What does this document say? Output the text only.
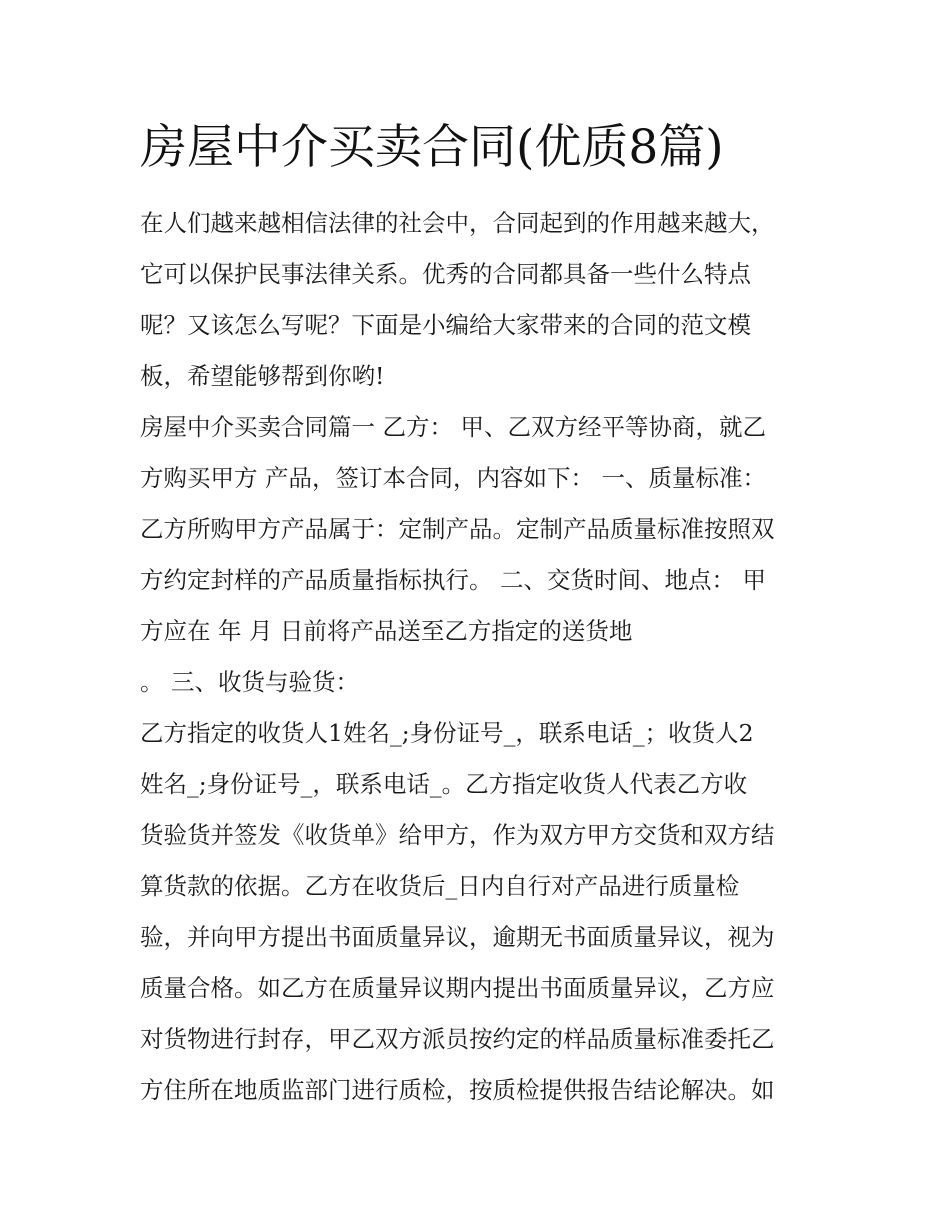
房屋中介买卖合同(优质8篇)

在人们越来越相信法律的社会中，合同起到的作用越来越大，

它可以保护民事法律关系。优秀的合同都具备一些什么特点

呢？又该怎么写呢？下面是小编给大家带来的合同的范文模

板，希望能够帮到你哟!

房屋中介买卖合同篇一 乙方： 甲、乙双方经平等协商，就乙

方购买甲方 产品，签订本合同，内容如下： 一、质量标准：

乙方所购甲方产品属于：定制产品。定制产品质量标准按照双

方约定封样的产品质量指标执行。 二、交货时间、地点： 甲

方应在 年 月 日前将产品送至乙方指定的送货地

。 三、收货与验货：

乙方指定的收货人1姓名_;身份证号_，联系电话_；收货人2

姓名_;身份证号_，联系电话_。乙方指定收货人代表乙方收

货验货并签发《收货单》给甲方，作为双方甲方交货和双方结

算货款的依据。乙方在收货后_日内自行对产品进行质量检

验，并向甲方提出书面质量异议，逾期无书面质量异议，视为

质量合格。如乙方在质量异议期内提出书面质量异议，乙方应

对货物进行封存，甲乙双方派员按约定的样品质量标准委托乙

方住所在地质监部门进行质检，按质检提供报告结论解决。如
